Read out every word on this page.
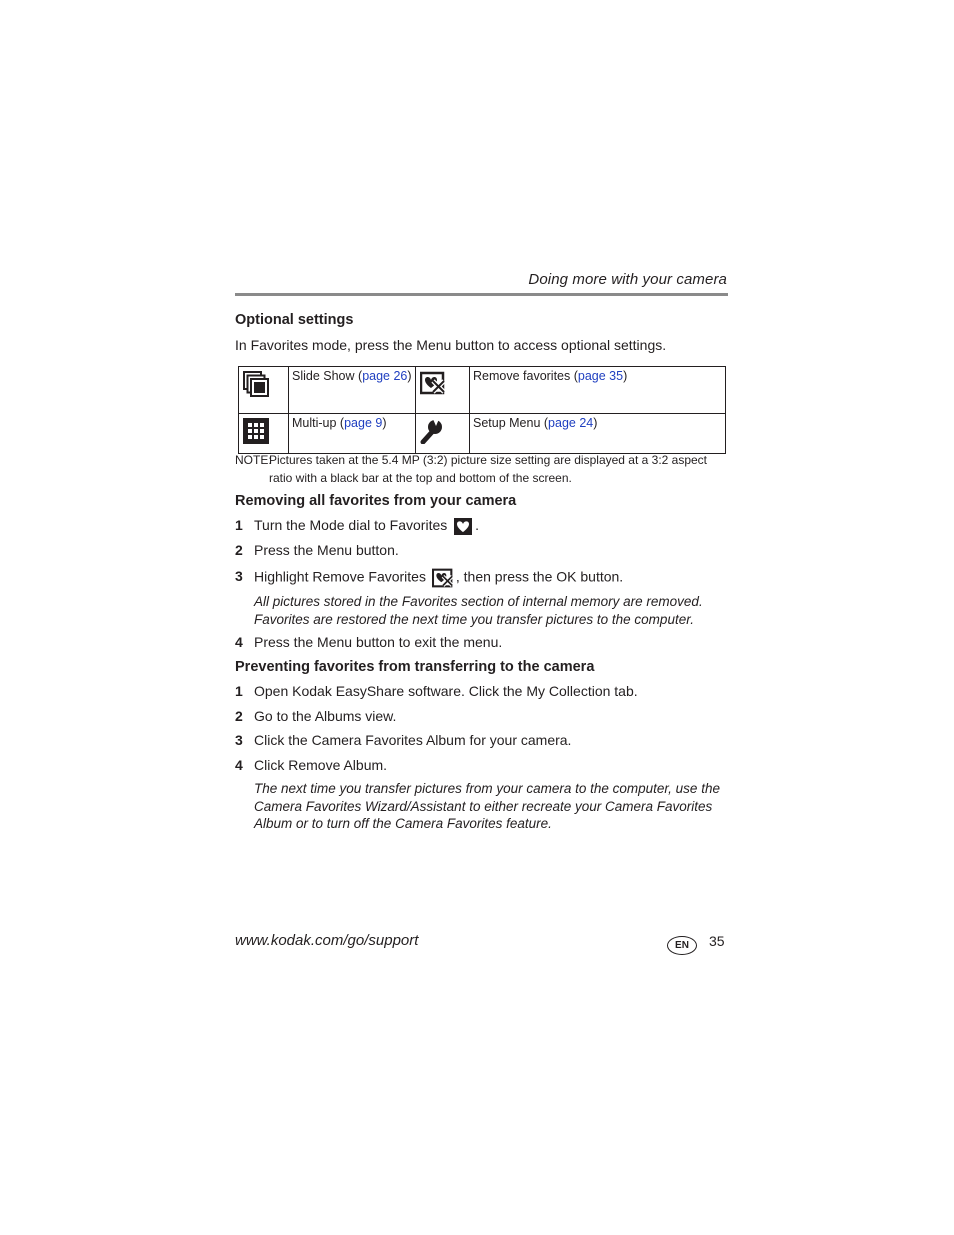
Doing more with your camera
Optional settings
In Favorites mode, press the Menu button to access optional settings.
	Slide Show (page 26)		Remove favorites (page 35)
	Multi-up (page 9)		Setup Menu (page 24)
NOTE:
Pictures taken at the 5.4 MP (3:2) picture size setting are displayed at a 3:2 aspect ratio with a black bar at the top and bottom of the screen.
Removing all favorites from your camera
1 Turn the Mode dial to Favorites .
2 Press the Menu button.
3 Highlight Remove Favorites , then press the OK button.
All pictures stored in the Favorites section of internal memory are removed. Favorites are restored the next time you transfer pictures to the computer.
4 Press the Menu button to exit the menu.
Preventing favorites from transferring to the camera
1 Open Kodak EasyShare software. Click the My Collection tab.
2 Go to the Albums view.
3 Click the Camera Favorites Album for your camera.
4 Click Remove Album.
The next time you transfer pictures from your camera to the computer, use the Camera Favorites Wizard/Assistant to either recreate your Camera Favorites Album or to turn off the Camera Favorites feature.
www.kodak.com/go/support	EN	35
